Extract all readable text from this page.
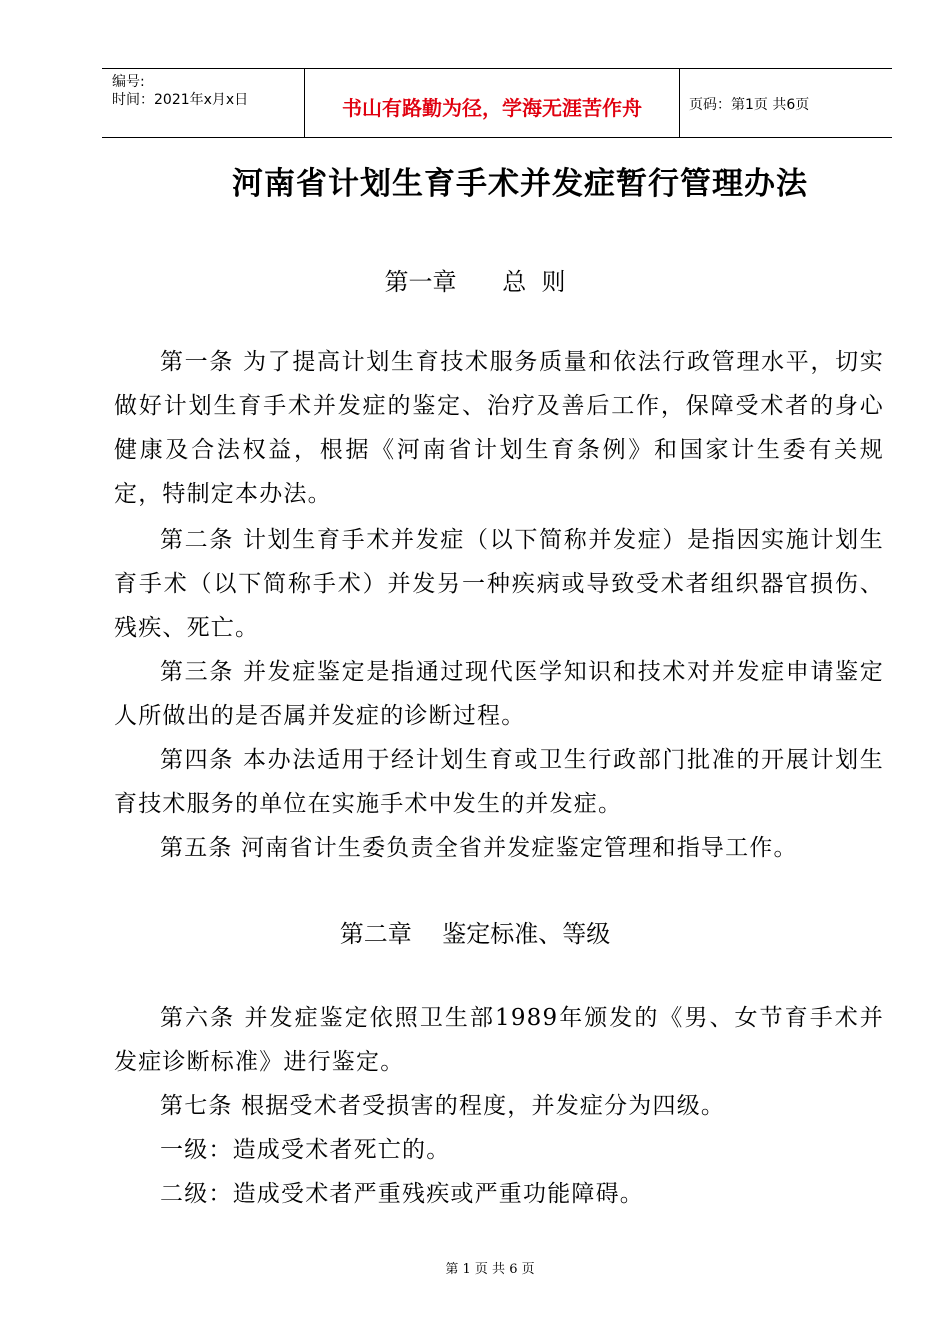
编号:
时间：2021年x月x日	书山有路勤为径，学海无涯苦作舟	页码：第1页 共6页
河南省计划生育手术并发症暂行管理办法
第一章      总  则

第一条 为了提高计划生育技术服务质量和依法行政管理水平，切实做好计划生育手术并发症的鉴定、治疗及善后工作，保障受术者的身心健康及合法权益，根据《河南省计划生育条例》和国家计生委有关规定，特制定本办法。

第二条 计划生育手术并发症（以下简称并发症）是指因实施计划生育手术（以下简称手术）并发另一种疾病或导致受术者组织器官损伤、残疾、死亡。

第三条 并发症鉴定是指通过现代医学知识和技术对并发症申请鉴定人所做出的是否属并发症的诊断过程。

第四条 本办法适用于经计划生育或卫生行政部门批准的开展计划生育技术服务的单位在实施手术中发生的并发症。

第五条 河南省计生委负责全省并发症鉴定管理和指导工作。

第二章    鉴定标准、等级

第六条 并发症鉴定依照卫生部1989年颁发的《男、女节育手术并发症诊断标准》进行鉴定。

第七条 根据受术者受损害的程度，并发症分为四级。

一级：造成受术者死亡的。

二级：造成受术者严重残疾或严重功能障碍。

第 1 页 共 6 页
